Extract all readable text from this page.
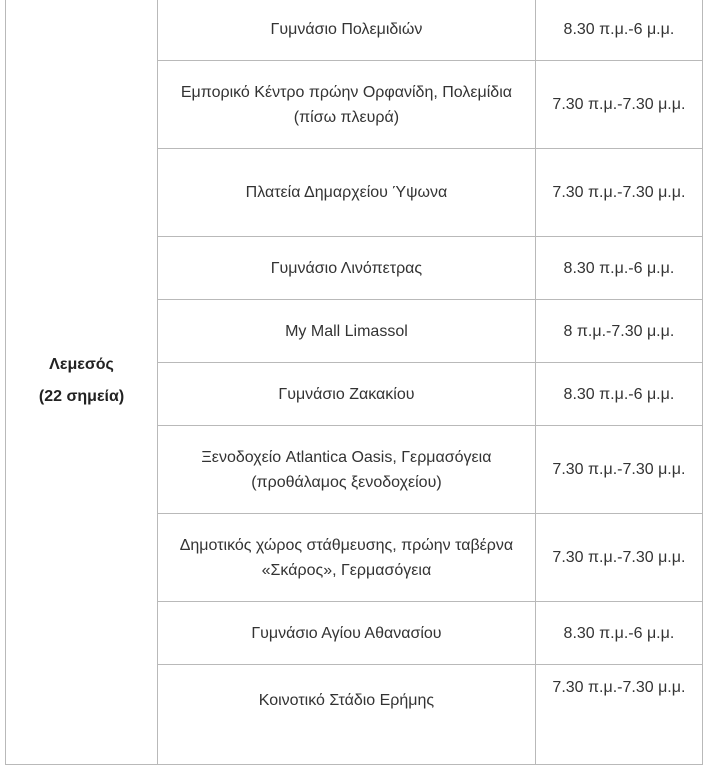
Λεμεσός
(22 σημεία)	Γυμνάσιο Πολεμιδιών	8.30 π.μ.-6 μ.μ.
	Εμπορικό Κέντρο πρώην Ορφανίδη, Πολεμίδια (πίσω πλευρά)	7.30 π.μ.-7.30 μ.μ.
	Πλατεία Δημαρχείου Ύψωνα	7.30 π.μ.-7.30 μ.μ.
	Γυμνάσιο Λινόπετρας	8.30 π.μ.-6 μ.μ.
	My Mall Limassol	8 π.μ.-7.30 μ.μ.
	Γυμνάσιο Ζακακίου	8.30 π.μ.-6 μ.μ.
	Ξενοδοχείο Atlantica Oasis, Γερμασόγεια (προθάλαμος ξενοδοχείου)	7.30 π.μ.-7.30 μ.μ.
	Δημοτικός χώρος στάθμευσης, πρώην ταβέρνα «Σκάρος», Γερμασόγεια	7.30 π.μ.-7.30 μ.μ.
	Γυμνάσιο Αγίου Αθανασίου	8.30 π.μ.-6 μ.μ.
	Κοινοτικό Στάδιο Ερήμης	7.30 π.μ.-7.30 μ.μ.
